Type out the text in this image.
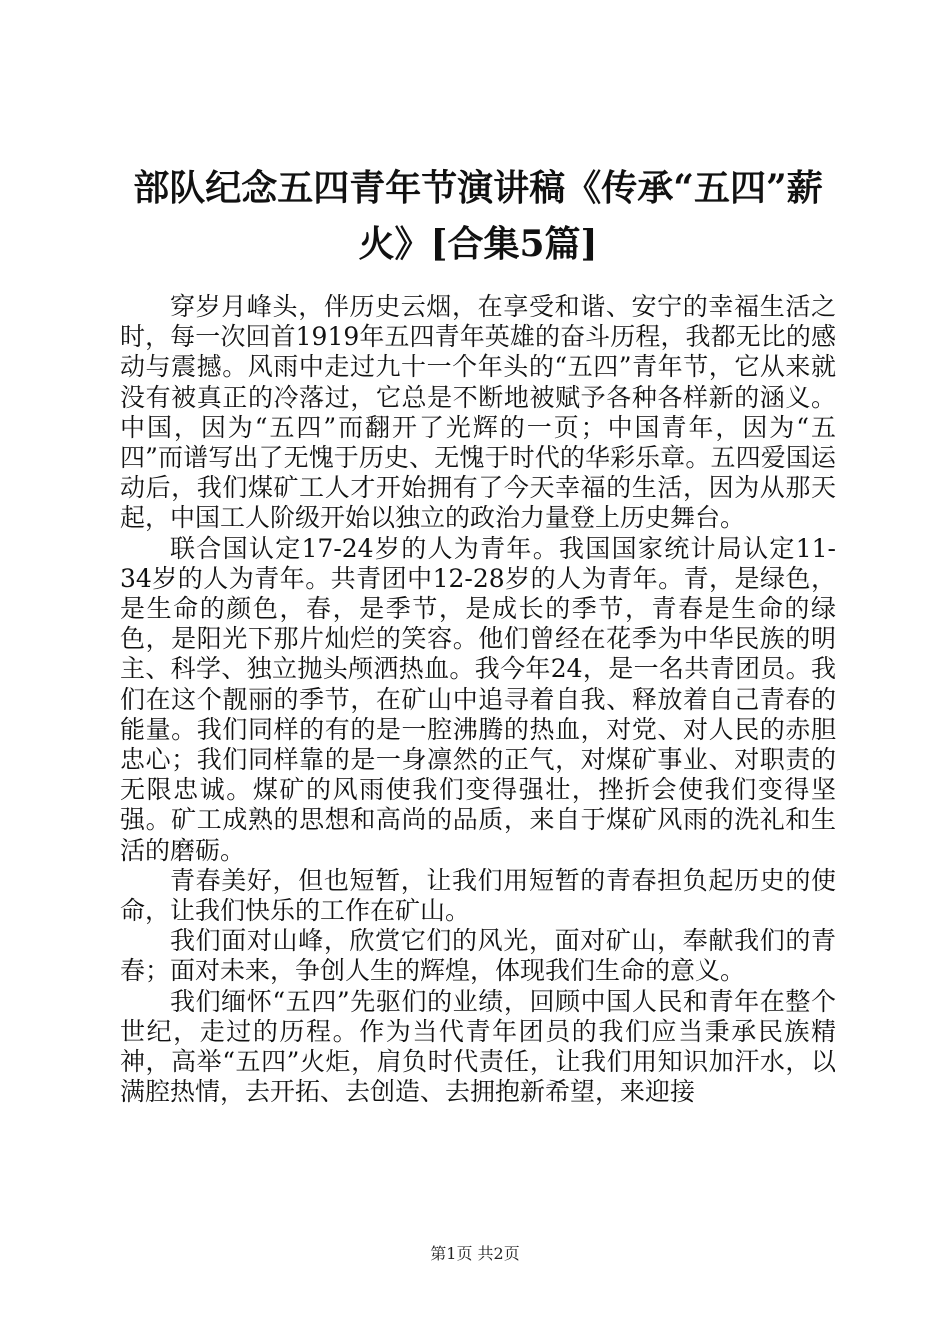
部队纪念五四青年节演讲稿《传承“五四”薪
火》[合集5篇]

穿岁月峰头，伴历史云烟，在享受和谐、安宁的幸福生活之时，每一次回首1919年五四青年英雄的奋斗历程，我都无比的感动与震撼。风雨中走过九十一个年头的“五四”青年节，它从来就没有被真正的冷落过，它总是不断地被赋予各种各样新的涵义。中国，因为“五四”而翻开了光辉的一页；中国青年，因为“五四”而谱写出了无愧于历史、无愧于时代的华彩乐章。五四爱国运动后，我们煤矿工人才开始拥有了今天幸福的生活，因为从那天起，中国工人阶级开始以独立的政治力量登上历史舞台。

联合国认定17-24岁的人为青年。我国国家统计局认定11-34岁的人为青年。共青团中12-28岁的人为青年。青，是绿色，是生命的颜色，春，是季节，是成长的季节，青春是生命的绿色，是阳光下那片灿烂的笑容。他们曾经在花季为中华民族的明主、科学、独立抛头颅洒热血。我今年24，是一名共青团员。我们在这个靓丽的季节，在矿山中追寻着自我、释放着自己青春的能量。我们同样的有的是一腔沸腾的热血，对党、对人民的赤胆忠心；我们同样靠的是一身凛然的正气，对煤矿事业、对职责的无限忠诚。煤矿的风雨使我们变得强壮，挫折会使我们变得坚强。矿工成熟的思想和高尚的品质，来自于煤矿风雨的洗礼和生活的磨砺。

青春美好，但也短暂，让我们用短暂的青春担负起历史的使命，让我们快乐的工作在矿山。

我们面对山峰，欣赏它们的风光，面对矿山，奉献我们的青春；面对未来，争创人生的辉煌，体现我们生命的意义。

我们缅怀“五四”先驱们的业绩，回顾中国人民和青年在整个世纪，走过的历程。作为当代青年团员的我们应当秉承民族精神，高举“五四”火炬，肩负时代责任，让我们用知识加汗水，以满腔热情，去开拓、去创造、去拥抱新希望，来迎接

第1页 共2页
